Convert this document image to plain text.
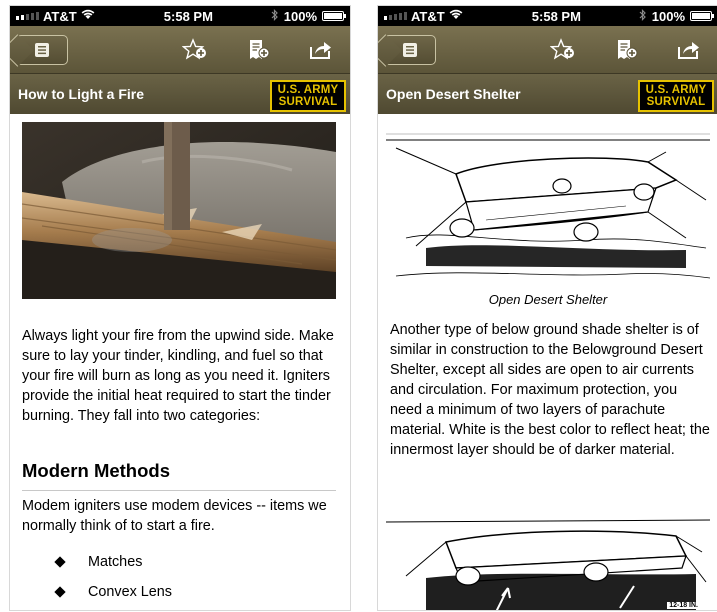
AT&T	5:58 PM	100%
How to Light a Fire	U.S. ARMY
SURVIVAL
Always light your fire from the upwind side. Make sure to lay your tinder, kindling, and fuel so that your fire will burn as long as you need it. Igniters provide the initial heat required to start the tinder burning. They fall into two categories:
Modern Methods
Modem igniters use modem devices -- items we normally think of to start a fire.
Matches
Convex Lens
AT&T	5:58 PM	100%
Open Desert Shelter	U.S. ARMY
SURVIVAL
Open Desert Shelter
Another type of below ground shade shelter is of similar in construction to the Belowground Desert Shelter, except all sides are open to air currents and circulation. For maximum protection, you need a minimum of two layers of parachute material. White is the best color to reflect heat; the innermost layer should be of darker material.
12-18 IN.
